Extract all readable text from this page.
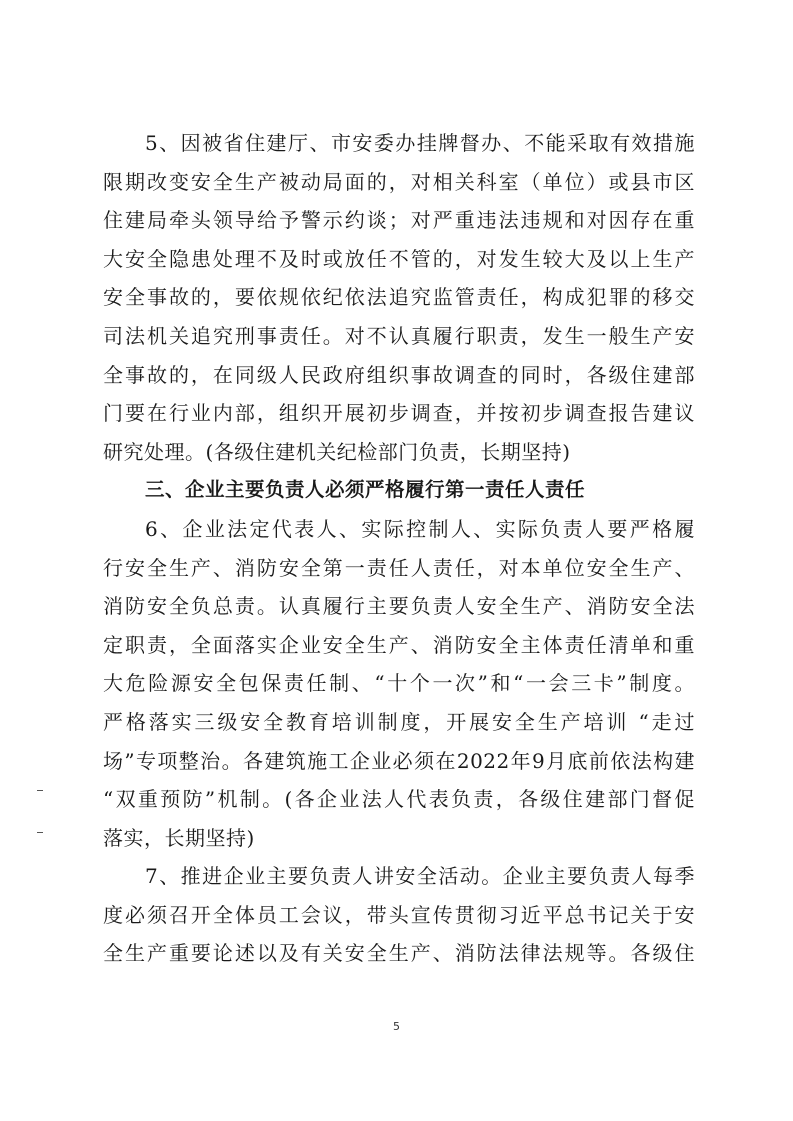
5、因被省住建厅、市安委办挂牌督办、不能采取有效措施
限期改变安全生产被动局面的，对相关科室（单位）或县市区
住建局牵头领导给予警示约谈；对严重违法违规和对因存在重
大安全隐患处理不及时或放任不管的，对发生较大及以上生产
安全事故的，要依规依纪依法追究监管责任，构成犯罪的移交
司法机关追究刑事责任。对不认真履行职责，发生一般生产安
全事故的，在同级人民政府组织事故调查的同时，各级住建部
门要在行业内部，组织开展初步调查，并按初步调查报告建议
研究处理。(各级住建机关纪检部门负责，长期坚持)
三、企业主要负责人必须严格履行第一责任人责任
6、企业法定代表人、实际控制人、实际负责人要严格履
行安全生产、消防安全第一责任人责任，对本单位安全生产、
消防安全负总责。认真履行主要负责人安全生产、消防安全法
定职责，全面落实企业安全生产、消防安全主体责任清单和重
大危险源安全包保责任制、“十个一次”和“一会三卡”制度。
严格落实三级安全教育培训制度，开展安全生产培训 “走过
场”专项整治。各建筑施工企业必须在2022年9月底前依法构建
“双重预防”机制。(各企业法人代表负责，各级住建部门督促
落实，长期坚持)
7、推进企业主要负责人讲安全活动。企业主要负责人每季
度必须召开全体员工会议，带头宣传贯彻习近平总书记关于安
全生产重要论述以及有关安全生产、消防法律法规等。各级住
5
